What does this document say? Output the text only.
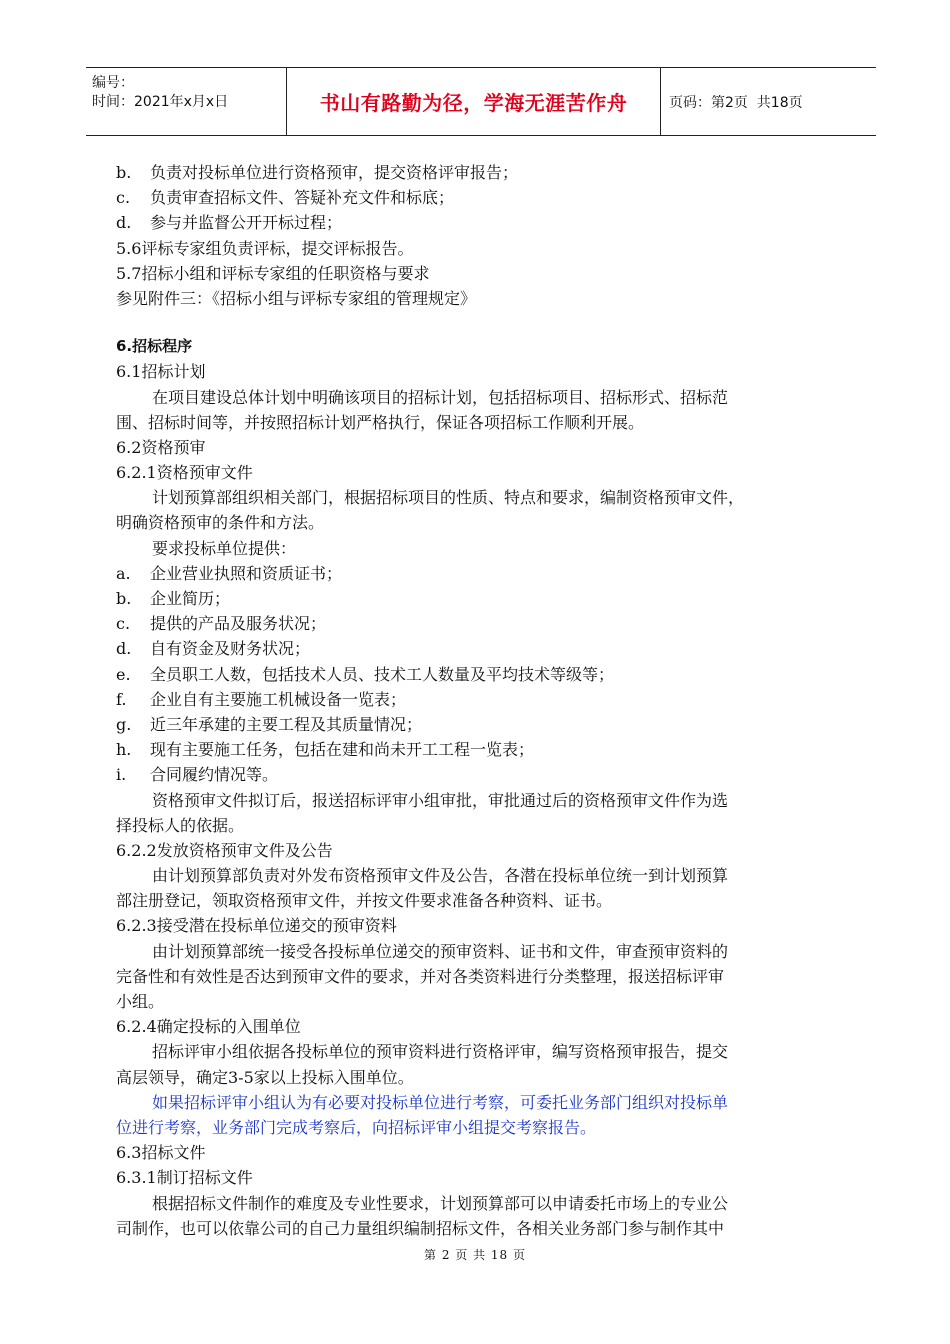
编号：
时间：2021年x月x日	书山有路勤为径，学海无涯苦作舟	页码：第2页  共18页
b. 负责对投标单位进行资格预审，提交资格评审报告；
c. 负责审查招标文件、答疑补充文件和标底；
d. 参与并监督公开开标过程；
5.6评标专家组负责评标，提交评标报告。
5.7招标小组和评标专家组的任职资格与要求
参见附件三：《招标小组与评标专家组的管理规定》
6.招标程序
6.1招标计划
在项目建设总体计划中明确该项目的招标计划，包括招标项目、招标形式、招标范
围、招标时间等，并按照招标计划严格执行，保证各项招标工作顺利开展。
6.2资格预审
6.2.1资格预审文件
计划预算部组织相关部门，根据招标项目的性质、特点和要求，编制资格预审文件，
明确资格预审的条件和方法。
要求投标单位提供：
a. 企业营业执照和资质证书；
b. 企业简历；
c. 提供的产品及服务状况；
d. 自有资金及财务状况；
e. 全员职工人数，包括技术人员、技术工人数量及平均技术等级等；
f. 企业自有主要施工机械设备一览表；
g. 近三年承建的主要工程及其质量情况；
h. 现有主要施工任务，包括在建和尚未开工工程一览表；
i. 合同履约情况等。
资格预审文件拟订后，报送招标评审小组审批，审批通过后的资格预审文件作为选
择投标人的依据。
6.2.2发放资格预审文件及公告
由计划预算部负责对外发布资格预审文件及公告，各潜在投标单位统一到计划预算
部注册登记，领取资格预审文件，并按文件要求准备各种资料、证书。
6.2.3接受潜在投标单位递交的预审资料
由计划预算部统一接受各投标单位递交的预审资料、证书和文件，审查预审资料的
完备性和有效性是否达到预审文件的要求，并对各类资料进行分类整理，报送招标评审
小组。
6.2.4确定投标的入围单位
招标评审小组依据各投标单位的预审资料进行资格评审，编写资格预审报告，提交
高层领导，确定3-5家以上投标入围单位。
如果招标评审小组认为有必要对投标单位进行考察，可委托业务部门组织对投标单
位进行考察，业务部门完成考察后，向招标评审小组提交考察报告。
6.3招标文件
6.3.1制订招标文件
根据招标文件制作的难度及专业性要求，计划预算部可以申请委托市场上的专业公
司制作，也可以依靠公司的自己力量组织编制招标文件，各相关业务部门参与制作其中
第 2 页 共 18 页
